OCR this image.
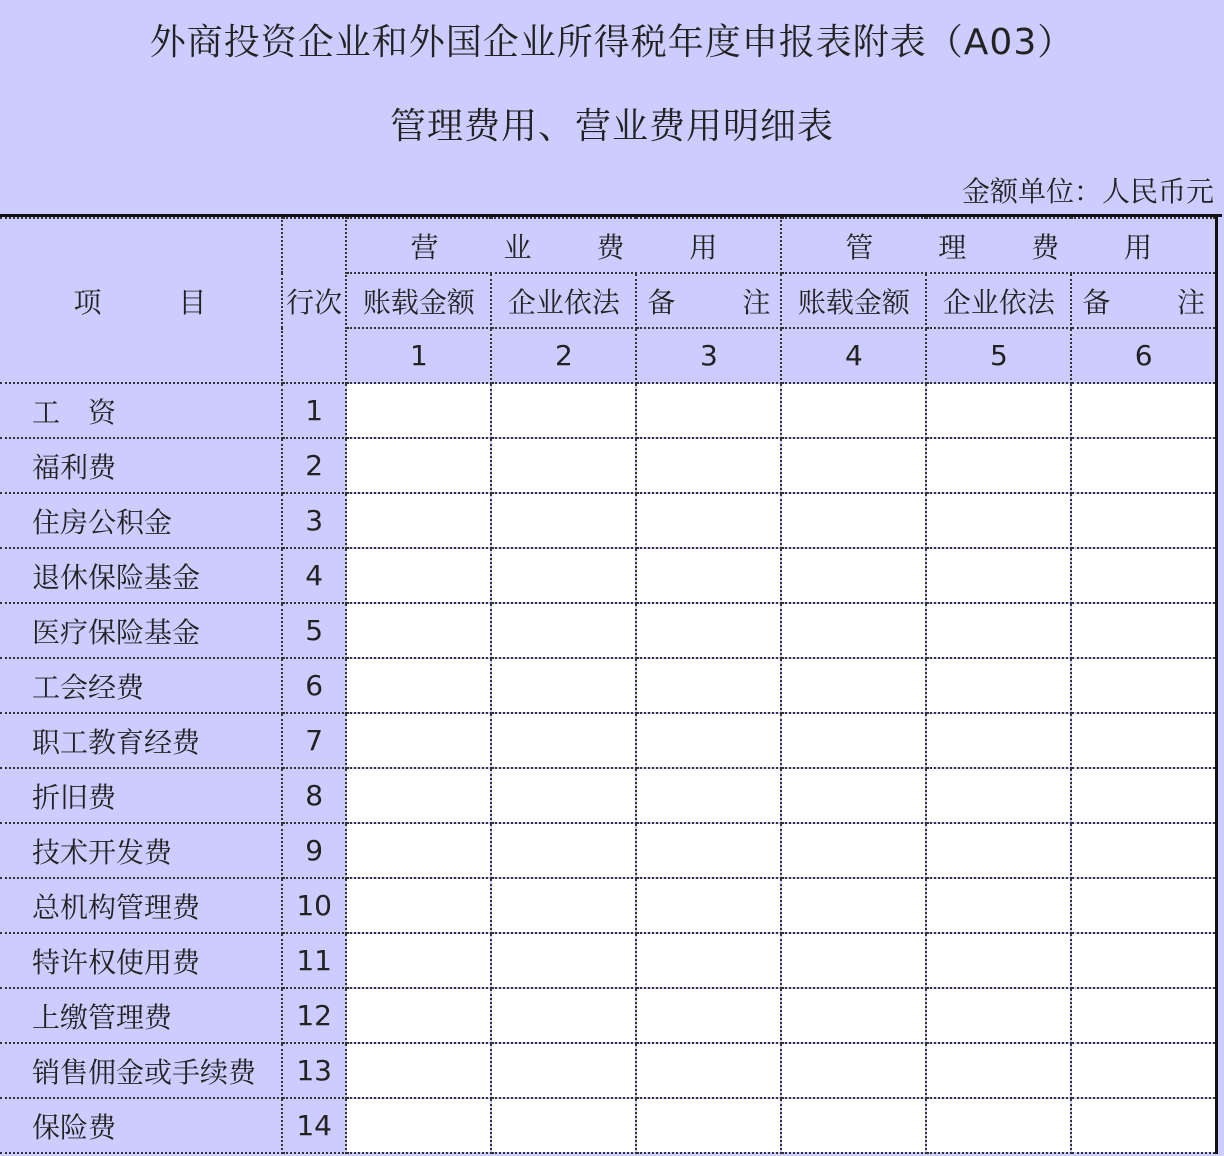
外商投资企业和外国企业所得税年度申报表附表（A03）
管理费用、营业费用明细表
金额单位：人民币元
项 目	行次	营 业 费 用			管 理 费 用		
		账载金额	企业依法	备 注	账载金额	企业依法	备 注

		1	2	3	4	5	6
工　资	1						
福利费	2						
住房公积金	3						
退休保险基金	4						
医疗保险基金	5						
工会经费	6						
职工教育经费	7						
折旧费	8						
技术开发费	9						
总机构管理费	10						
特许权使用费	11						
上缴管理费	12						
销售佣金或手续费	13						
保险费	14						
